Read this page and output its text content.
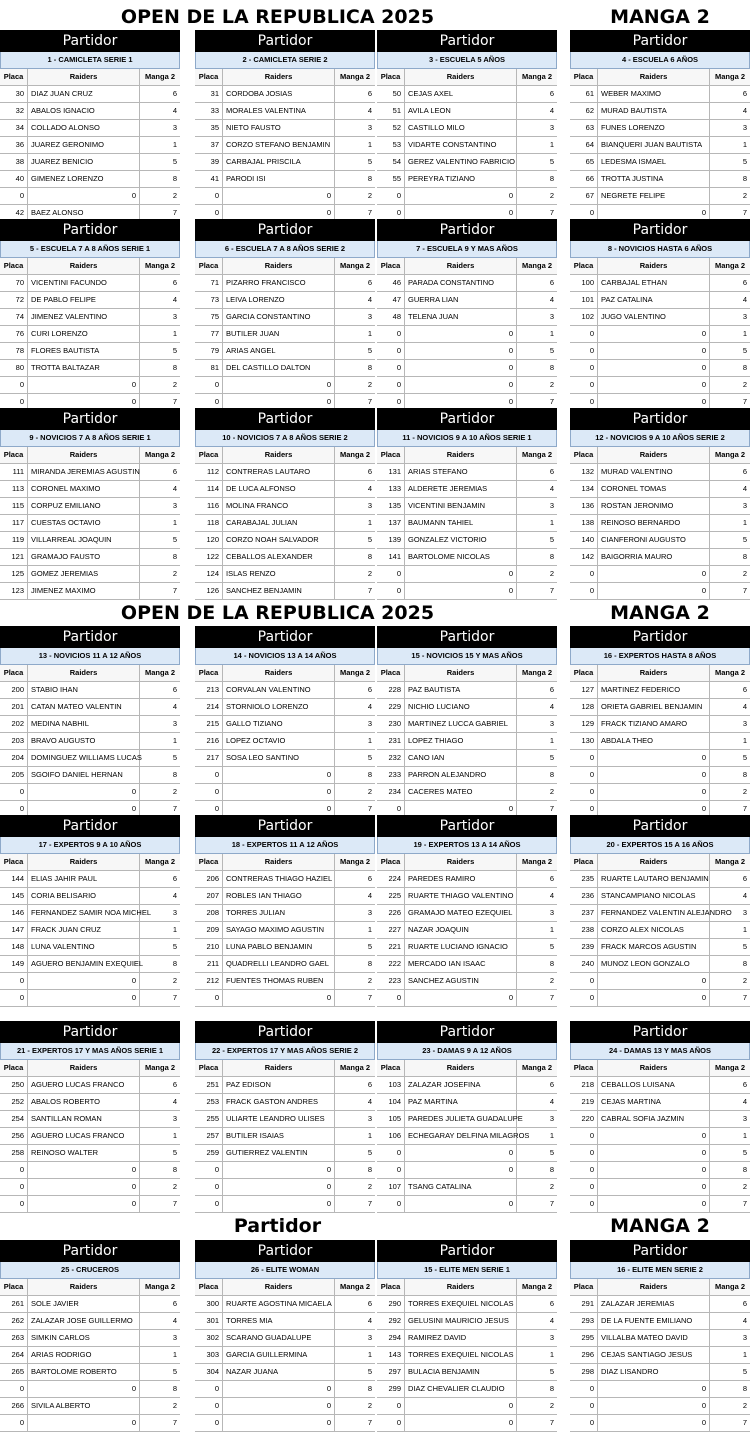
OPEN DE LA REPUBLICA 2025	MANGA 2
OPEN DE LA REPUBLICA 2025	MANGA 2
Partidor	MANGA 2
Partidor
1 - CAMICLETA SERIE 1
Placa	Raiders	Manga 2
30 DIAZ JUAN CRUZ	6
32 ABALOS IGNACIO	4
34 COLLADO ALONSO	3
36 JUAREZ GERONIMO	1
38 JUAREZ BENICIO	5
40 GIMENEZ LORENZO	8
0	0	2
42 BAEZ ALONSO	7
Partidor
2 - CAMICLETA SERIE 2
Placa	Raiders	Manga 2
31 CORDOBA JOSIAS	6
33 MORALES VALENTINA	4
35 NIETO FAUSTO	3
37 CORZO STEFANO BENJAMIN	1
39 CARBAJAL PRISCILA	5
41 PARODI ISI	8
0	0	2
0	0	7
Partidor
3 - ESCUELA 5 AÑOS
Placa	Raiders	Manga 2
50 CEJAS AXEL	6
51 AVILA LEON	4
52 CASTILLO MILO	3
53 VIDARTE CONSTANTINO	1
54 GEREZ VALENTINO FABRICIO	5
55 PEREYRA TIZIANO	8
0	0	2
0	0	7
Partidor
4 - ESCUELA 6 AÑOS
Placa	Raiders	Manga 2
61 WEBER MAXIMO	6
62 MURAD BAUTISTA	4
63 FUNES LORENZO	3
64 BIANQUERI JUAN BAUTISTA	1
65 LEDESMA ISMAEL	5
66 TROTTA JUSTINA	8
67 NEGRETE FELIPE	2
0	0	7
Partidor
5 - ESCUELA 7 A 8 AÑOS SERIE 1
Placa	Raiders	Manga 2
70 VICENTINI FACUNDO	6
72 DE PABLO FELIPE	4
74 JIMENEZ VALENTINO	3
76 CURI LORENZO	1
78 FLORES BAUTISTA	5
80 TROTTA BALTAZAR	8
0	0	2
0	0	7
Partidor
6 - ESCUELA 7 A 8 AÑOS SERIE 2
Placa	Raiders	Manga 2
71 PIZARRO FRANCISCO	6
73 LEIVA LORENZO	4
75 GARCIA CONSTANTINO	3
77 BUTILER JUAN	1
79 ARIAS ANGEL	5
81 DEL CASTILLO DALTON	8
0	0	2
0	0	7
Partidor
7 - ESCUELA 9 Y MAS AÑOS
Placa	Raiders	Manga 2
46 PARADA CONSTANTINO	6
47 GUERRA LIAN	4
48 TELENA JUAN	3
0	0	1
0	0	5
0	0	8
0	0	2
0	0	7
Partidor
8 - NOVICIOS HASTA 6 AÑOS
Placa	Raiders	Manga 2
100 CARBAJAL ETHAN	6
101 PAZ CATALINA	4
102 JUGO VALENTINO	3
0	0	1
0	0	5
0	0	8
0	0	2
0	0	7
Partidor
9 - NOVICIOS 7 A 8 AÑOS SERIE 1
Placa	Raiders	Manga 2
111 MIRANDA JEREMIAS AGUSTIN	6
113 CORONEL MAXIMO	4
115 CORPUZ EMILIANO	3
117 CUESTAS OCTAVIO	1
119 VILLARREAL JOAQUIN	5
121 GRAMAJO FAUSTO	8
125 GOMEZ JEREMIAS	2
123 JIMENEZ MAXIMO	7
Partidor
10 - NOVICIOS 7 A 8 AÑOS SERIE 2
Placa	Raiders	Manga 2
112 CONTRERAS LAUTARO	6
114 DE LUCA ALFONSO	4
116 MOLINA FRANCO	3
118 CARABAJAL JULIAN	1
120 CORZO NOAH SALVADOR	5
122 CEBALLOS ALEXANDER	8
124 ISLAS RENZO	2
126 SANCHEZ BENJAMIN	7
Partidor
11 - NOVICIOS 9 A 10 AÑOS SERIE 1
Placa	Raiders	Manga 2
131 ARIAS STEFANO	6
133 ALDERETE JEREMIAS	4
135 VICENTINI BENJAMIN	3
137 BAUMANN TAHIEL	1
139 GONZALEZ VICTORIO	5
141 BARTOLOME NICOLAS	8
0	0	2
0	0	7
Partidor
12 - NOVICIOS 9 A 10 AÑOS SERIE 2
Placa	Raiders	Manga 2
132 MURAD VALENTINO	6
134 CORONEL TOMAS	4
136 ROSTAN JERONIMO	3
138 REINOSO BERNARDO	1
140 CIANFERONI AUGUSTO	5
142 BAIGORRIA MAURO	8
0	0	2
0	0	7
Partidor
13 - NOVICIOS 11 A 12 AÑOS
Placa	Raiders	Manga 2
200 STABIO IHAN	6
201 CATAN MATEO VALENTIN	4
202 MEDINA NABHIL	3
203 BRAVO AUGUSTO	1
204 DOMINGUEZ WILLIAMS LUCAS	5
205 SGOIFO DANIEL HERNAN	8
0	0	2
0	0	7
Partidor
14 - NOVICIOS 13 A 14 AÑOS
Placa	Raiders	Manga 2
213 CORVALAN VALENTINO	6
214 STORNIOLO LORENZO	4
215 GALLO TIZIANO	3
216 LOPEZ OCTAVIO	1
217 SOSA LEO SANTINO	5
0	0	8
0	0	2
0	0	7
Partidor
15 - NOVICIOS 15 Y MAS AÑOS
Placa	Raiders	Manga 2
228 PAZ BAUTISTA	6
229 NICHIO LUCIANO	4
230 MARTINEZ LUCCA GABRIEL	3
231 LOPEZ THIAGO	1
232 CANO IAN	5
233 PARRON ALEJANDRO	8
234 CACERES MATEO	2
0	0	7
Partidor
16 - EXPERTOS HASTA 8 AÑOS
Placa	Raiders	Manga 2
127 MARTINEZ FEDERICO	6
128 ORIETA GABRIEL BENJAMIN	4
129 FRACK TIZIANO AMARO	3
130 ABDALA THEO	1
0	0	5
0	0	8
0	0	2
0	0	7
Partidor
17 - EXPERTOS 9 A 10 AÑOS
Placa	Raiders	Manga 2
144 ELIAS JAHIR PAUL	6
145 CORIA BELISARIO	4
146 FERNANDEZ SAMIR NOA MICHEL	3
147 FRACK JUAN CRUZ	1
148 LUNA VALENTINO	5
149 AGUERO BENJAMIN EXEQUIEL	8
0	0	2
0	0	7
Partidor
18 - EXPERTOS 11 A 12 AÑOS
Placa	Raiders	Manga 2
206 CONTRERAS THIAGO HAZIEL	6
207 ROBLES IAN THIAGO	4
208 TORRES JULIAN	3
209 SAYAGO MAXIMO AGUSTIN	1
210 LUNA PABLO BENJAMIN	5
211 QUADRELLI LEANDRO GAEL	8
212 FUENTES THOMAS RUBEN	2
0	0	7
Partidor
19 - EXPERTOS 13 A 14 AÑOS
Placa	Raiders	Manga 2
224 PAREDES RAMIRO	6
225 RUARTE THIAGO VALENTINO	4
226 GRAMAJO MATEO EZEQUIEL	3
227 NAZAR JOAQUIN	1
221 RUARTE LUCIANO IGNACIO	5
222 MERCADO IAN ISAAC	8
223 SANCHEZ AGUSTIN	2
0	0	7
Partidor
20 - EXPERTOS 15 A 16 AÑOS
Placa	Raiders	Manga 2
235 RUARTE LAUTARO BENJAMIN	6
236 STANCAMPIANO NICOLAS	4
237 FERNANDEZ VALENTIN ALEJANDRO	3
238 CORZO ALEX NICOLAS	1
239 FRACK MARCOS AGUSTIN	5
240 MUNOZ LEON GONZALO	8
0	0	2
0	0	7
Partidor
21 - EXPERTOS 17 Y MAS AÑOS SERIE 1
Placa	Raiders	Manga 2
250 AGUERO LUCAS FRANCO	6
252 ABALOS ROBERTO	4
254 SANTILLAN ROMAN	3
256 AGUERO LUCAS FRANCO	1
258 REINOSO WALTER	5
0	0	8
0	0	2
0	0	7
Partidor
22 - EXPERTOS 17 Y MAS AÑOS SERIE 2
Placa	Raiders	Manga 2
251 PAZ EDISON	6
253 FRACK GASTON ANDRES	4
255 ULIARTE LEANDRO ULISES	3
257 BUTILER ISAIAS	1
259 GUTIERREZ VALENTIN	5
0	0	8
0	0	2
0	0	7
Partidor
23 - DAMAS 9 A 12 AÑOS
Placa	Raiders	Manga 2
103 ZALAZAR JOSEFINA	6
104 PAZ MARTINA	4
105 PAREDES JULIETA GUADALUPE	3
106 ECHEGARAY DELFINA MILAGROS	1
0	0	5
0	0	8
107 TSANG CATALINA	2
0	0	7
Partidor
24 - DAMAS 13 Y MAS AÑOS
Placa	Raiders	Manga 2
218 CEBALLOS LUISANA	6
219 CEJAS MARTINA	4
220 CABRAL SOFIA JAZMIN	3
0	0	1
0	0	5
0	0	8
0	0	2
0	0	7
Partidor
25 - CRUCEROS
Placa	Raiders	Manga 2
261 SOLE JAVIER	6
262 ZALAZAR JOSE GUILLERMO	4
263 SIMKIN CARLOS	3
264 ARIAS RODRIGO	1
265 BARTOLOME ROBERTO	5
0	0	8
266 SIVILA ALBERTO	2
0	0	7
Partidor
26 - ELITE WOMAN
Placa	Raiders	Manga 2
300 RUARTE AGOSTINA MICAELA	6
301 TORRES MIA	4
302 SCARANO GUADALUPE	3
303 GARCIA GUILLERMINA	1
304 NAZAR JUANA	5
0	0	8
0	0	2
0	0	7
Partidor
15 - ELITE MEN SERIE 1
Placa	Raiders	Manga 2
290 TORRES EXEQUIEL NICOLAS	6
292 GELUSINI MAURICIO JESUS	4
294 RAMIREZ DAVID	3
143 TORRES EXEQUIEL NICOLAS	1
297 BULACIA BENJAMIN	5
299 DIAZ CHEVALIER CLAUDIO	8
0	0	2
0	0	7
Partidor
16 - ELITE MEN SERIE 2
Placa	Raiders	Manga 2
291 ZALAZAR JEREMIAS	6
293 DE LA FUENTE EMILIANO	4
295 VILLALBA MATEO DAVID	3
296 CEJAS SANTIAGO JESUS	1
298 DIAZ LISANDRO	5
0	0	8
0	0	2
0	0	7
